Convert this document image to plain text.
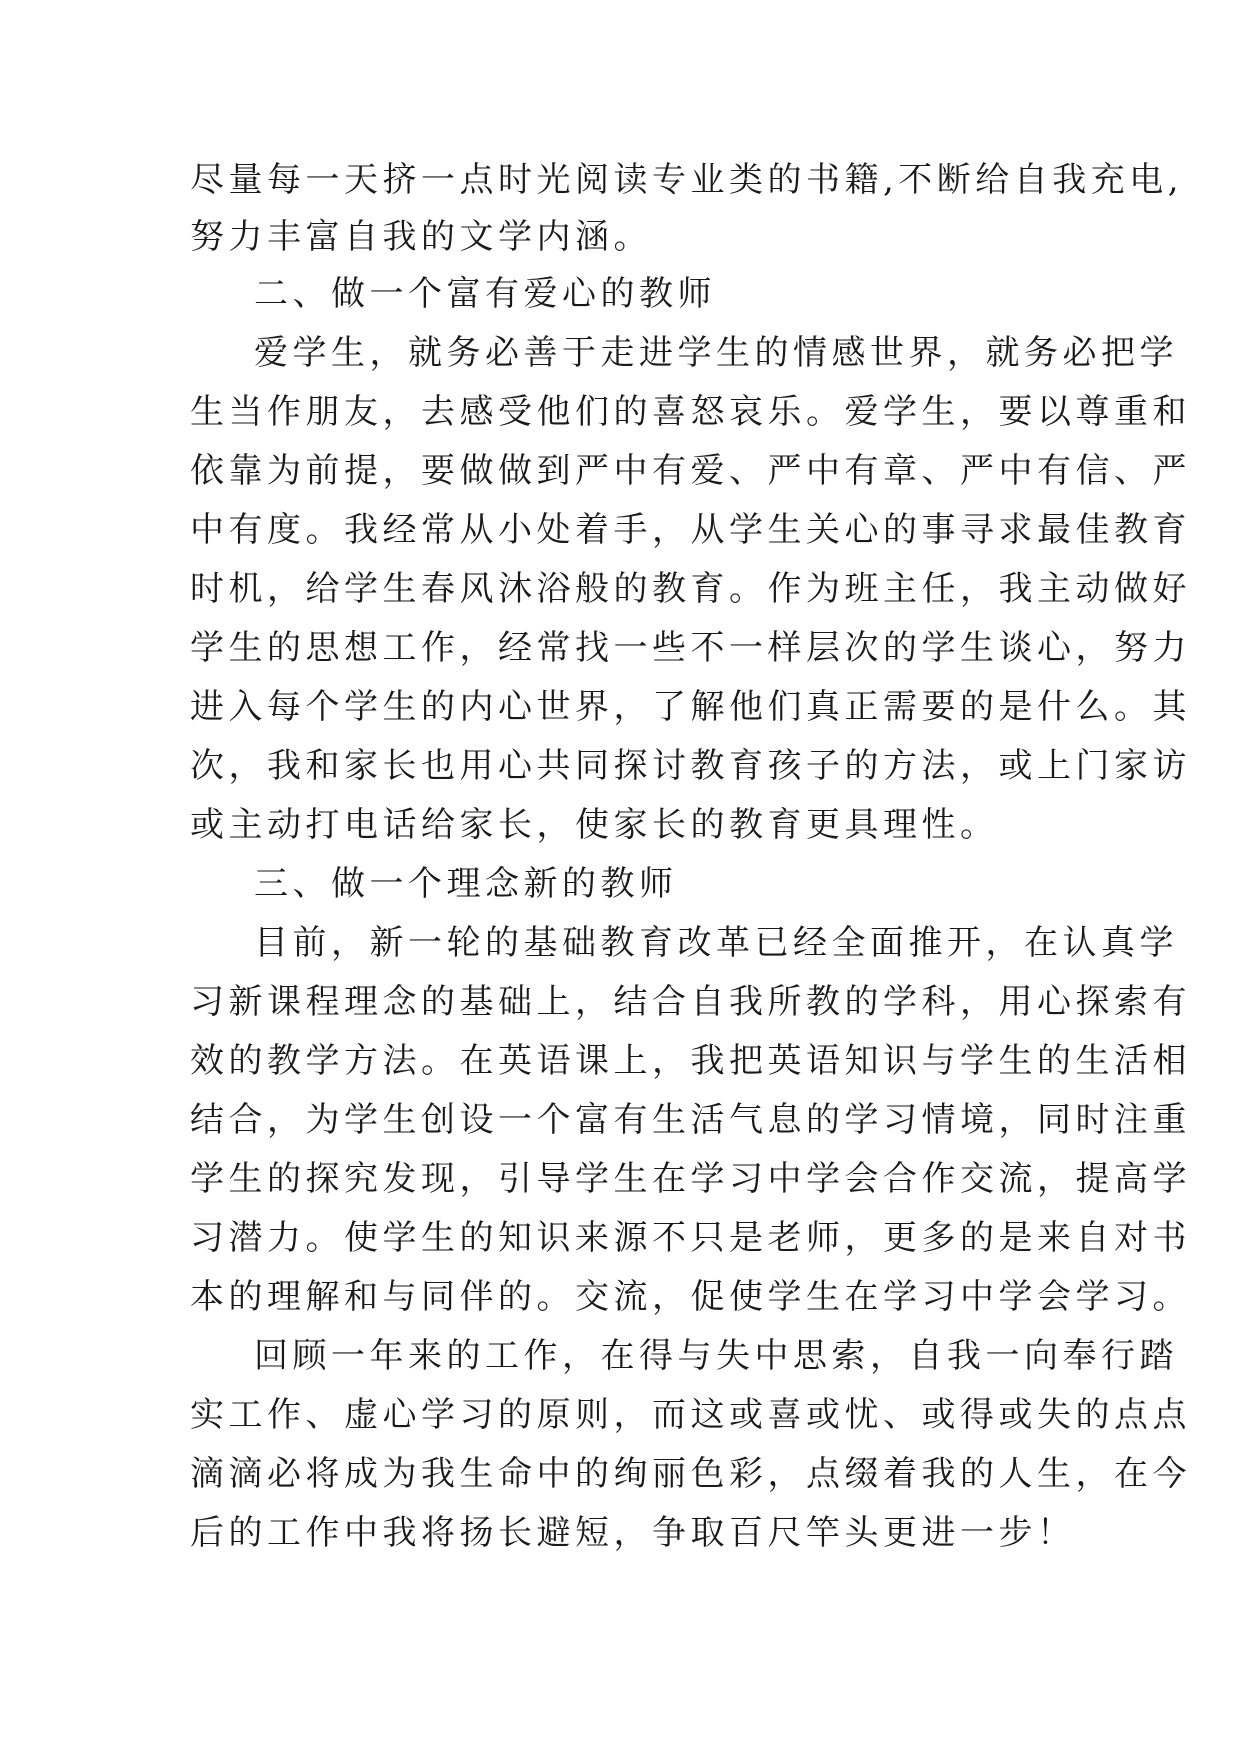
尽量每一天挤一点时光阅读专业类的书籍,不断给自我充电,
努力丰富自我的文学内涵。
二、做一个富有爱心的教师
爱学生，就务必善于走进学生的情感世界，就务必把学
生当作朋友，去感受他们的喜怒哀乐。爱学生，要以尊重和
依靠为前提，要做做到严中有爱、严中有章、严中有信、严
中有度。我经常从小处着手，从学生关心的事寻求最佳教育
时机，给学生春风沐浴般的教育。作为班主任，我主动做好
学生的思想工作，经常找一些不一样层次的学生谈心，努力
进入每个学生的内心世界，了解他们真正需要的是什么。其
次，我和家长也用心共同探讨教育孩子的方法，或上门家访
或主动打电话给家长，使家长的教育更具理性。
三、做一个理念新的教师
目前，新一轮的基础教育改革已经全面推开，在认真学
习新课程理念的基础上，结合自我所教的学科，用心探索有
效的教学方法。在英语课上，我把英语知识与学生的生活相
结合，为学生创设一个富有生活气息的学习情境，同时注重
学生的探究发现，引导学生在学习中学会合作交流，提高学
习潜力。使学生的知识来源不只是老师，更多的是来自对书
本的理解和与同伴的。交流，促使学生在学习中学会学习。
回顾一年来的工作，在得与失中思索，自我一向奉行踏
实工作、虚心学习的原则，而这或喜或忧、或得或失的点点
滴滴必将成为我生命中的绚丽色彩，点缀着我的人生，在今
后的工作中我将扬长避短，争取百尺竿头更进一步！
